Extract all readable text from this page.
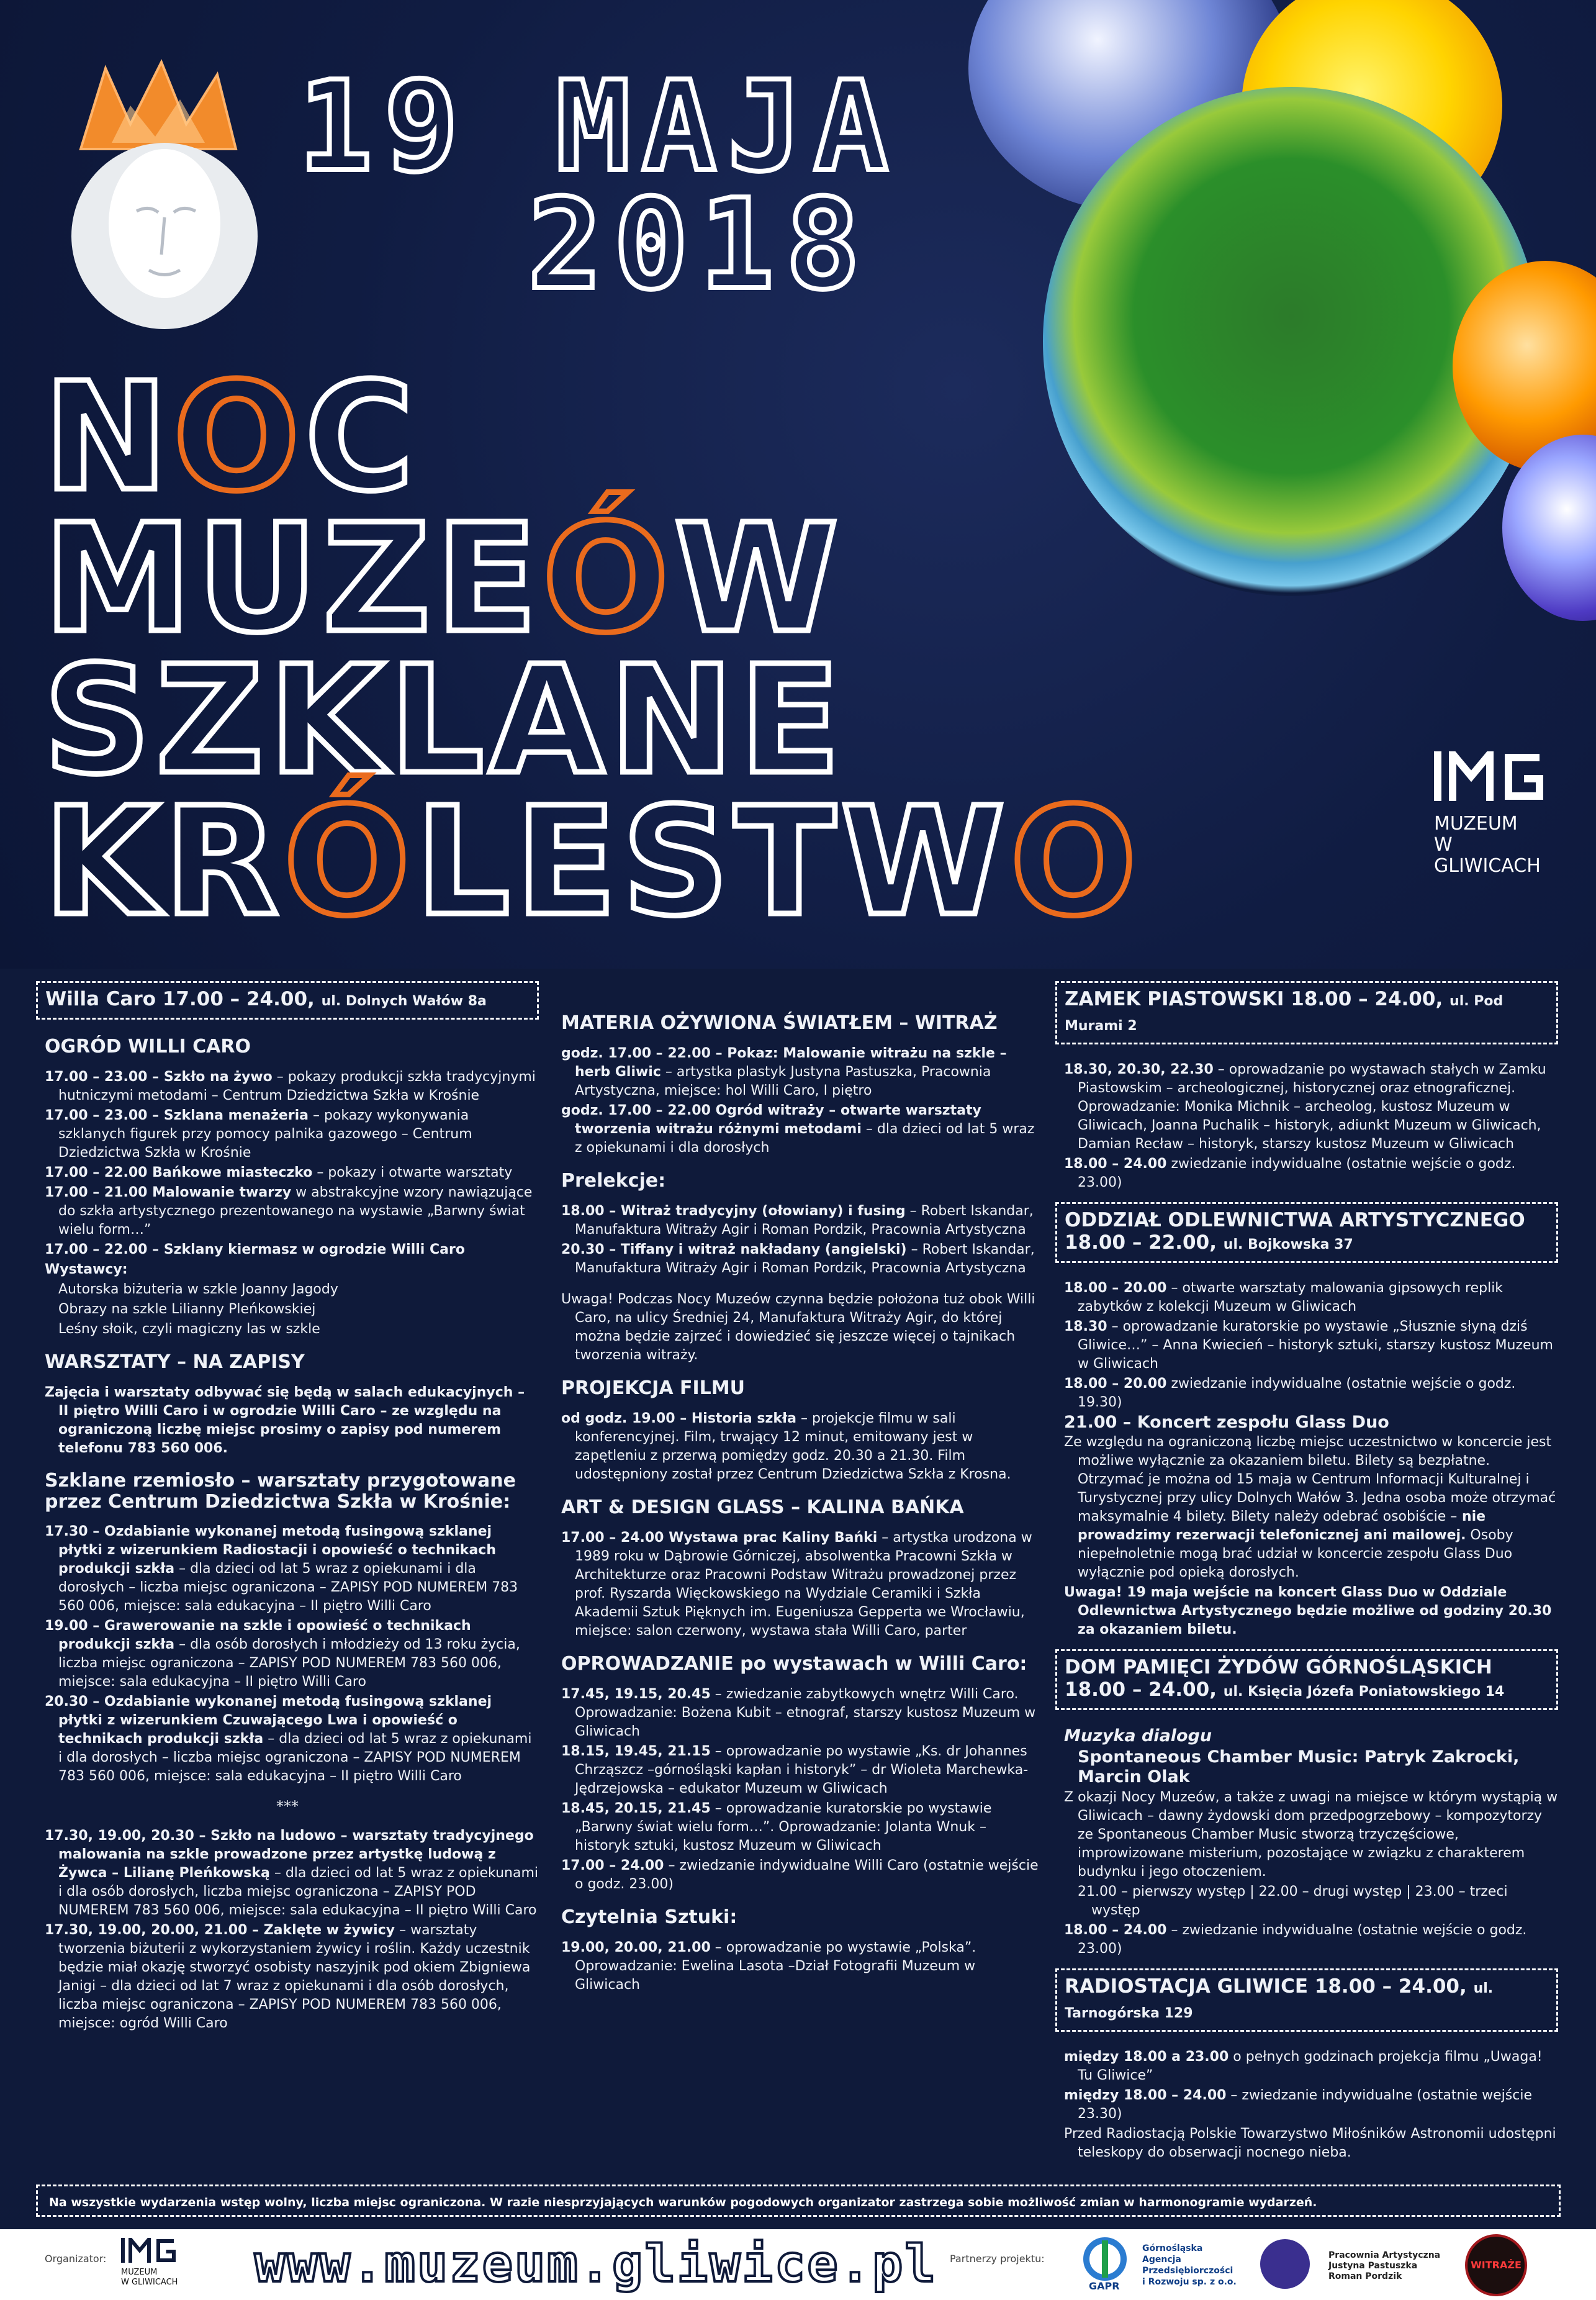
19 MAJA
2018
NOC
MUZEÓW
SZKLANE
KRÓLESTWO	MUZEUM
W GLIWICACH
Willa Caro 17.00 – 24.00, ul. Dolnych Wałów 8a
OGRÓD WILLI CARO
17.00 – 23.00 – Szkło na żywo – pokazy produkcji szkła tradycyjnymi hutniczymi metodami – Centrum Dziedzictwa Szkła w Krośnie
17.00 – 23.00 – Szklana menażeria – pokazy wykonywania szklanych figurek przy pomocy palnika gazowego – Centrum Dziedzictwa Szkła w Krośnie
17.00 – 22.00 Bańkowe miasteczko – pokazy i otwarte warsztaty
17.00 – 21.00 Malowanie twarzy w abstrakcyjne wzory nawiązujące do szkła artystycznego prezentowanego na wystawie „Barwny świat wielu form…”
17.00 – 22.00 – Szklany kiermasz w ogrodzie Willi Caro
Wystawcy:
Autorska biżuteria w szkle Joanny Jagody
Obrazy na szkle Lilianny Pleńkowskiej
Leśny słoik, czyli magiczny las w szkle
WARSZTATY – NA ZAPISY
Zajęcia i warsztaty odbywać się będą w salach edukacyjnych – II piętro Willi Caro i w ogrodzie Willi Caro – ze względu na ograniczoną liczbę miejsc prosimy o zapisy pod numerem telefonu 783 560 006.
Szklane rzemiosło – warsztaty przygotowane przez Centrum Dziedzictwa Szkła w Krośnie:
17.30 – Ozdabianie wykonanej metodą fusingową szklanej płytki z wizerunkiem Radiostacji i opowieść o technikach produkcji szkła – dla dzieci od lat 5 wraz z opiekunami i dla dorosłych – liczba miejsc ograniczona – ZAPISY POD NUMEREM 783 560 006, miejsce: sala edukacyjna – II piętro Willi Caro
19.00 – Grawerowanie na szkle i opowieść o technikach produkcji szkła – dla osób dorosłych i młodzieży od 13 roku życia, liczba miejsc ograniczona – ZAPISY POD NUMEREM 783 560 006, miejsce: sala edukacyjna – II piętro Willi Caro
20.30 – Ozdabianie wykonanej metodą fusingową szklanej płytki z wizerunkiem Czuwającego Lwa i opowieść o technikach produkcji szkła – dla dzieci od lat 5 wraz z opiekunami i dla dorosłych – liczba miejsc ograniczona – ZAPISY POD NUMEREM 783 560 006, miejsce: sala edukacyjna – II piętro Willi Caro
***
17.30, 19.00, 20.30 – Szkło na ludowo – warsztaty tradycyjnego malowania na szkle prowadzone przez artystkę ludową z Żywca – Lilianę Pleńkowską – dla dzieci od lat 5 wraz z opiekunami i dla osób dorosłych, liczba miejsc ograniczona – ZAPISY POD NUMEREM 783 560 006, miejsce: sala edukacyjna – II piętro Willi Caro
17.30, 19.00, 20.00, 21.00 – Zaklęte w żywicy – warsztaty tworzenia biżuterii z wykorzystaniem żywicy i roślin. Każdy uczestnik będzie miał okazję stworzyć osobisty naszyjnik pod okiem Zbigniewa Janigi – dla dzieci od lat 7 wraz z opiekunami i dla osób dorosłych, liczba miejsc ograniczona – ZAPISY POD NUMEREM 783 560 006, miejsce: ogród Willi Caro
MATERIA OŻYWIONA ŚWIATŁEM – WITRAŻ
godz. 17.00 – 22.00 – Pokaz: Malowanie witrażu na szkle – herb Gliwic – artystka plastyk Justyna Pastuszka, Pracownia Artystyczna, miejsce: hol Willi Caro, I piętro
godz. 17.00 – 22.00 Ogród witraży – otwarte warsztaty tworzenia witrażu różnymi metodami – dla dzieci od lat 5 wraz z opiekunami i dla dorosłych
Prelekcje:
18.00 – Witraż tradycyjny (ołowiany) i fusing – Robert Iskandar, Manufaktura Witraży Agir i Roman Pordzik, Pracownia Artystyczna
20.30 – Tiffany i witraż nakładany (angielski) – Robert Iskandar, Manufaktura Witraży Agir i Roman Pordzik, Pracownia Artystyczna
Uwaga! Podczas Nocy Muzeów czynna będzie położona tuż obok Willi Caro, na ulicy Średniej 24, Manufaktura Witraży Agir, do której można będzie zajrzeć i dowiedzieć się jeszcze więcej o tajnikach tworzenia witraży.
PROJEKCJA FILMU
od godz. 19.00 – Historia szkła – projekcje filmu w sali konferencyjnej. Film, trwający 12 minut, emitowany jest w zapętleniu z przerwą pomiędzy godz. 20.30 a 21.30. Film udostępniony został przez Centrum Dziedzictwa Szkła z Krosna.
ART & DESIGN GLASS – KALINA BAŃKA
17.00 – 24.00 Wystawa prac Kaliny Bańki – artystka urodzona w 1989 roku w Dąbrowie Górniczej, absolwentka Pracowni Szkła w Architekturze oraz Pracowni Podstaw Witrażu prowadzonej przez prof. Ryszarda Więckowskiego na Wydziale Ceramiki i Szkła Akademii Sztuk Pięknych im. Eugeniusza Gepperta we Wrocławiu, miejsce: salon czerwony, wystawa stała Willi Caro, parter
OPROWADZANIE po wystawach w Willi Caro:
17.45, 19.15, 20.45 – zwiedzanie zabytkowych wnętrz Willi Caro. Oprowadzanie: Bożena Kubit – etnograf, starszy kustosz Muzeum w Gliwicach
18.15, 19.45, 21.15 – oprowadzanie po wystawie „Ks. dr Johannes Chrząszcz –górnośląski kapłan i historyk” – dr Wioleta Marchewka-Jędrzejowska – edukator Muzeum w Gliwicach
18.45, 20.15, 21.45 – oprowadzanie kuratorskie po wystawie „Barwny świat wielu form…”. Oprowadzanie: Jolanta Wnuk – historyk sztuki, kustosz Muzeum w Gliwicach
17.00 – 24.00 – zwiedzanie indywidualne Willi Caro (ostatnie wejście o godz. 23.00)
Czytelnia Sztuki:
19.00, 20.00, 21.00 – oprowadzanie po wystawie „Polska”. Oprowadzanie: Ewelina Lasota –Dział Fotografii Muzeum w Gliwicach
ZAMEK PIASTOWSKI 18.00 – 24.00, ul. Pod Murami 2
18.30, 20.30, 22.30 – oprowadzanie po wystawach stałych w Zamku Piastowskim – archeologicznej, historycznej oraz etnograficznej. Oprowadzanie: Monika Michnik – archeolog, kustosz Muzeum w Gliwicach, Joanna Puchalik – historyk, adiunkt Muzeum w Gliwicach, Damian Recław – historyk, starszy kustosz Muzeum w Gliwicach
18.00 – 24.00 zwiedzanie indywidualne (ostatnie wejście o godz. 23.00)
ODDZIAŁ ODLEWNICTWA ARTYSTYCZNEGO 18.00 – 22.00, ul. Bojkowska 37
18.00 – 20.00 – otwarte warsztaty malowania gipsowych replik zabytków z kolekcji Muzeum w Gliwicach
18.30 – oprowadzanie kuratorskie po wystawie „Słusznie słyną dziś Gliwice…” – Anna Kwiecień – historyk sztuki, starszy kustosz Muzeum w Gliwicach
18.00 – 20.00 zwiedzanie indywidualne (ostatnie wejście o godz. 19.30)
21.00 – Koncert zespołu Glass Duo
Ze względu na ograniczoną liczbę miejsc uczestnictwo w koncercie jest możliwe wyłącznie za okazaniem biletu. Bilety są bezpłatne. Otrzymać je można od 15 maja w Centrum Informacji Kulturalnej i Turystycznej przy ulicy Dolnych Wałów 3. Jedna osoba może otrzymać maksymalnie 4 bilety. Bilety należy odebrać osobiście – nie prowadzimy rezerwacji telefonicznej ani mailowej. Osoby niepełnoletnie mogą brać udział w koncercie zespołu Glass Duo wyłącznie pod opieką dorosłych.
Uwaga! 19 maja wejście na koncert Glass Duo w Oddziale Odlewnictwa Artystycznego będzie możliwe od godziny 20.30 za okazaniem biletu.
DOM PAMIĘCI ŻYDÓW GÓRNOŚLĄSKICH 18.00 – 24.00, ul. Księcia Józefa Poniatowskiego 14
Muzyka dialogu
Spontaneous Chamber Music: Patryk Zakrocki, Marcin Olak
Z okazji Nocy Muzeów, a także z uwagi na miejsce w którym wystąpią w Gliwicach – dawny żydowski dom przedpogrzebowy – kompozytorzy ze Spontaneous Chamber Music stworzą trzyczęściowe, improwizowane misterium, pozostające w związku z charakterem budynku i jego otoczeniem.
21.00 – pierwszy występ | 22.00 – drugi występ | 23.00 – trzeci występ
18.00 – 24.00 – zwiedzanie indywidualne (ostatnie wejście o godz. 23.00)
RADIOSTACJA GLIWICE 18.00 – 24.00, ul. Tarnogórska 129
między 18.00 a 23.00 o pełnych godzinach projekcja filmu „Uwaga! Tu Gliwice”
między 18.00 – 24.00 – zwiedzanie indywidualne (ostatnie wejście 23.30)
Przed Radiostacją Polskie Towarzystwo Miłośników Astronomii udostępni teleskopy do obserwacji nocnego nieba.
Na wszystkie wydarzenia wstęp wolny, liczba miejsc ograniczona. W razie niesprzyjających warunków pogodowych organizator zastrzega sobie możliwość zmian w harmonogramie wydarzeń.
Organizator:
MUZEUM
W GLIWICACH	www.muzeum.gliwice.pl Partnerzy projektu:
GAPR
Górnośląska
Agencja
Przedsiębiorczości
i Rozwoju sp. z o.o.
Pracownia Artystyczna
Justyna Pastuszka
Roman Pordzik
WITRAŻE
